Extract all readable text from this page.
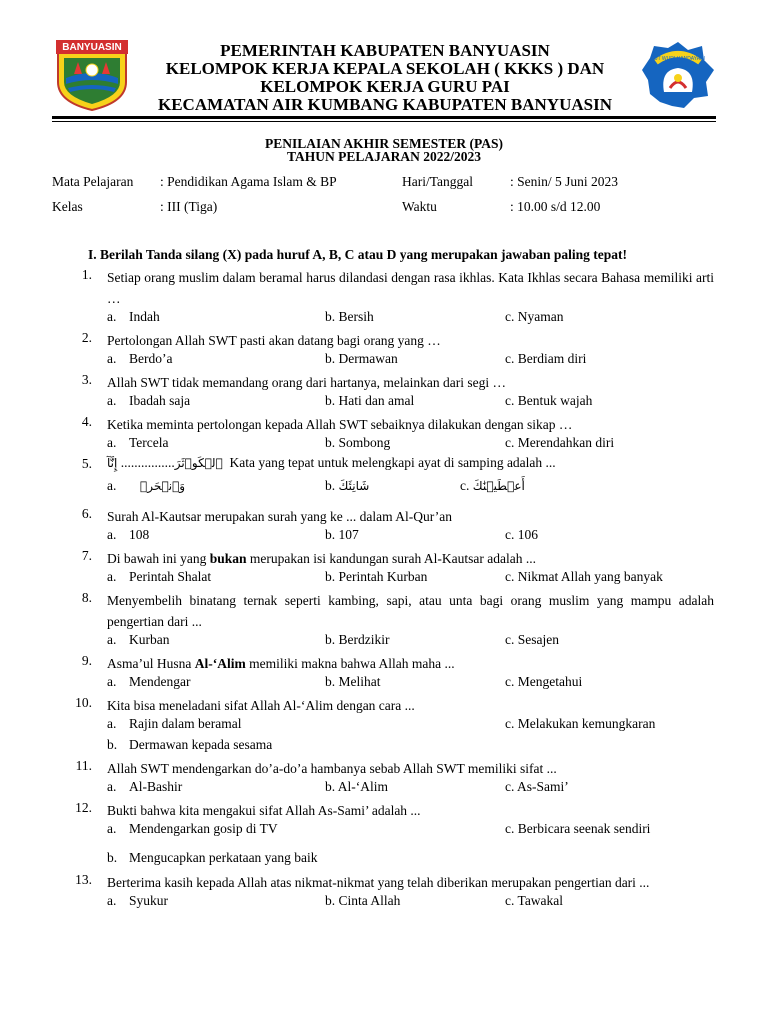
BANYUASIN
TUT WURI HANDAYANI
PEMERINTAH KABUPATEN BANYUASIN
KELOMPOK KERJA KEPALA SEKOLAH ( KKKS ) DAN
KELOMPOK KERJA GURU PAI
KECAMATAN AIR KUMBANG KABUPATEN BANYUASIN
PENILAIAN AKHIR SEMESTER (PAS)
TAHUN PELAJARAN 2022/2023
Mata Pelajaran : Pendidikan Agama Islam & BP	Hari/Tanggal	: Senin/ 5 Juni 2023
Kelas	: III (Tiga)	Waktu	: 10.00 s/d 12.00
I. Berilah Tanda silang (X) pada huruf A, B, C atau D yang merupakan jawaban paling tepat!
1. Setiap orang muslim dalam beramal harus dilandasi dengan rasa ikhlas. Kata Ikhlas secara Bahasa memiliki arti …
a. Indah	b. Bersih	c. Nyaman
2. Pertolongan Allah SWT pasti akan datang bagi orang yang …
a. Berdo’a	b. Dermawan	c. Berdiam diri
3. Allah SWT tidak memandang orang dari hartanya, melainkan dari segi …
a. Ibadah saja	b. Hati dan amal	c. Bentuk wajah
4. Ketika meminta pertolongan kepada Allah SWT sebaiknya dilakukan dengan sikap …
a. Tercela	b. Sombong	c. Merendahkan diri
5.	ٱلۡكَوۡثَرَ................ إِنَّآ	Kata yang tepat untuk melengkapi ayat di samping adalah ...
a. وَٱنۡحَرۡ	b. شَانِئَكَ	c. أَعۡطَيۡنَٰكَ
6. Surah Al-Kautsar merupakan surah yang ke ... dalam Al-Qur’an
a. 108	b. 107	c. 106
7. Di bawah ini yang bukan merupakan isi kandungan surah Al-Kautsar adalah ...
a. Perintah Shalat	b. Perintah Kurban	c. Nikmat Allah yang banyak
8. Menyembelih binatang ternak seperti kambing, sapi, atau unta bagi orang muslim yang mampu adalah pengertian dari ...
a. Kurban	b. Berdzikir	c. Sesajen
9. Asma’ul Husna Al-‘Alim memiliki makna bahwa Allah maha ...
a. Mendengar	b. Melihat	c. Mengetahui
10. Kita bisa meneladani sifat Allah Al-‘Alim dengan cara ...
a. Rajin dalam beramal	c. Melakukan kemungkaran
b. Dermawan kepada sesama
11. Allah SWT mendengarkan do’a-do’a hambanya sebab Allah SWT memiliki sifat ...
a. Al-Bashir	b. Al-‘Alim	c. As-Sami’
12. Bukti bahwa kita mengakui sifat Allah As-Sami’ adalah ...
a. Mendengarkan gosip di TV	c. Berbicara seenak sendiri
b. Mengucapkan perkataan yang baik
13. Berterima kasih kepada Allah atas nikmat-nikmat yang telah diberikan merupakan pengertian dari ...
a. Syukur	b. Cinta Allah	c. Tawakal
